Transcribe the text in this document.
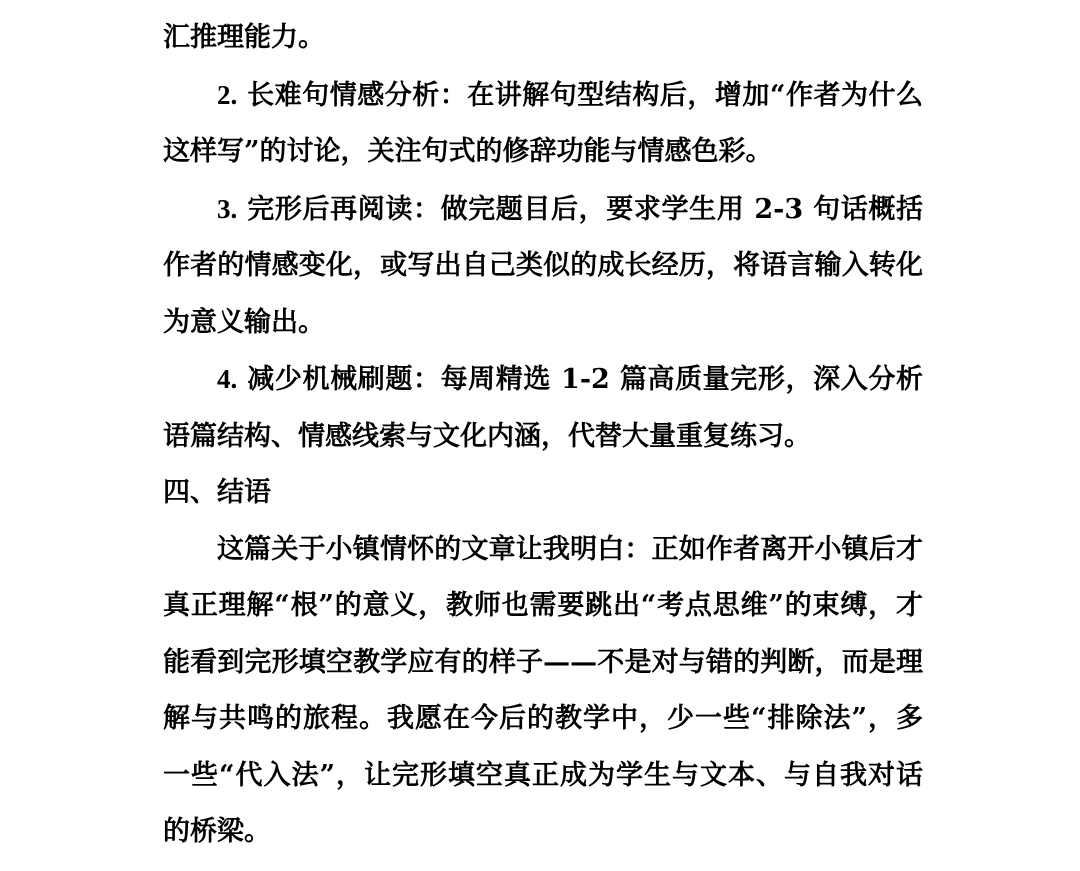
汇推理能力。

2. 长难句情感分析：在讲解句型结构后，增加“作者为什么这样写”的讨论，关注句式的修辞功能与情感色彩。

3. 完形后再阅读：做完题目后，要求学生用 2-3 句话概括作者的情感变化，或写出自己类似的成长经历，将语言输入转化为意义输出。

4. 减少机械刷题：每周精选 1-2 篇高质量完形，深入分析语篇结构、情感线索与文化内涵，代替大量重复练习。

四、结语

这篇关于小镇情怀的文章让我明白：正如作者离开小镇后才真正理解“根”的意义，教师也需要跳出“考点思维”的束缚，才能看到完形填空教学应有的样子——不是对与错的判断，而是理解与共鸣的旅程。我愿在今后的教学中，少一些“排除法”，多一些“代入法”，让完形填空真正成为学生与文本、与自我对话的桥梁。
